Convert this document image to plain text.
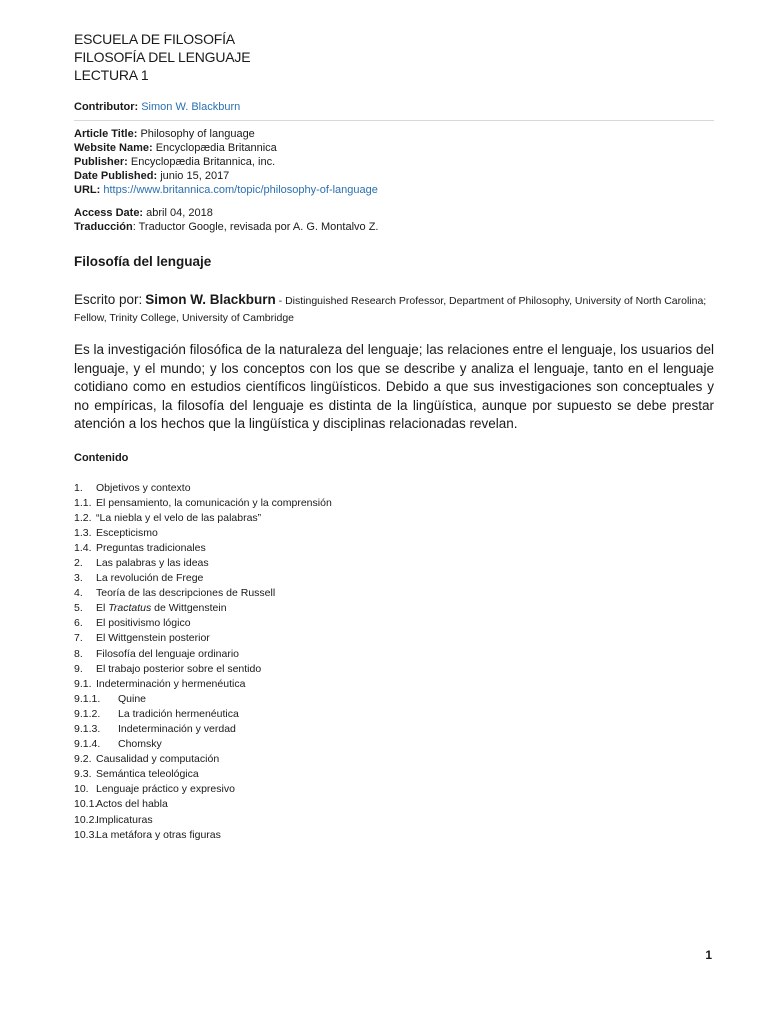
ESCUELA DE FILOSOFÍA
FILOSOFÍA DEL LENGUAJE
LECTURA 1
Contributor: Simon W. Blackburn
Article Title: Philosophy of language
Website Name: Encyclopædia Britannica
Publisher: Encyclopædia Britannica, inc.
Date Published: junio 15, 2017
URL: https://www.britannica.com/topic/philosophy-of-language
Access Date: abril 04, 2018
Traducción: Traductor Google, revisada por A. G. Montalvo Z.
Filosofía del lenguaje
Escrito por: Simon W. Blackburn - Distinguished Research Professor, Department of Philosophy, University of North Carolina; Fellow, Trinity College, University of Cambridge
Es la investigación filosófica de la naturaleza del lenguaje; las relaciones entre el lenguaje, los usuarios del lenguaje, y el mundo; y los conceptos con los que se describe y analiza el lenguaje, tanto en el lenguaje cotidiano como en estudios científicos lingüísticos. Debido a que sus investigaciones son conceptuales y no empíricas, la filosofía del lenguaje es distinta de la lingüística, aunque por supuesto se debe prestar atención a los hechos que la lingüística y disciplinas relacionadas revelan.
Contenido
1. Objetivos y contexto
1.1. El pensamiento, la comunicación y la comprensión
1.2. “La niebla y el velo de las palabras”
1.3. Escepticismo
1.4. Preguntas tradicionales
2. Las palabras y las ideas
3. La revolución de Frege
4. Teoría de las descripciones de Russell
5. El Tractatus de Wittgenstein
6. El positivismo lógico
7. El Wittgenstein posterior
8. Filosofía del lenguaje ordinario
9. El trabajo posterior sobre el sentido
9.1. Indeterminación y hermenéutica
9.1.1. Quine
9.1.2. La tradición hermenéutica
9.1.3. Indeterminación y verdad
9.1.4. Chomsky
9.2. Causalidad y computación
9.3. Semántica teleológica
10. Lenguaje práctico y expresivo
10.1.
Actos del habla
10.2.
Implicaturas
10.3.
La metáfora y otras figuras
1
